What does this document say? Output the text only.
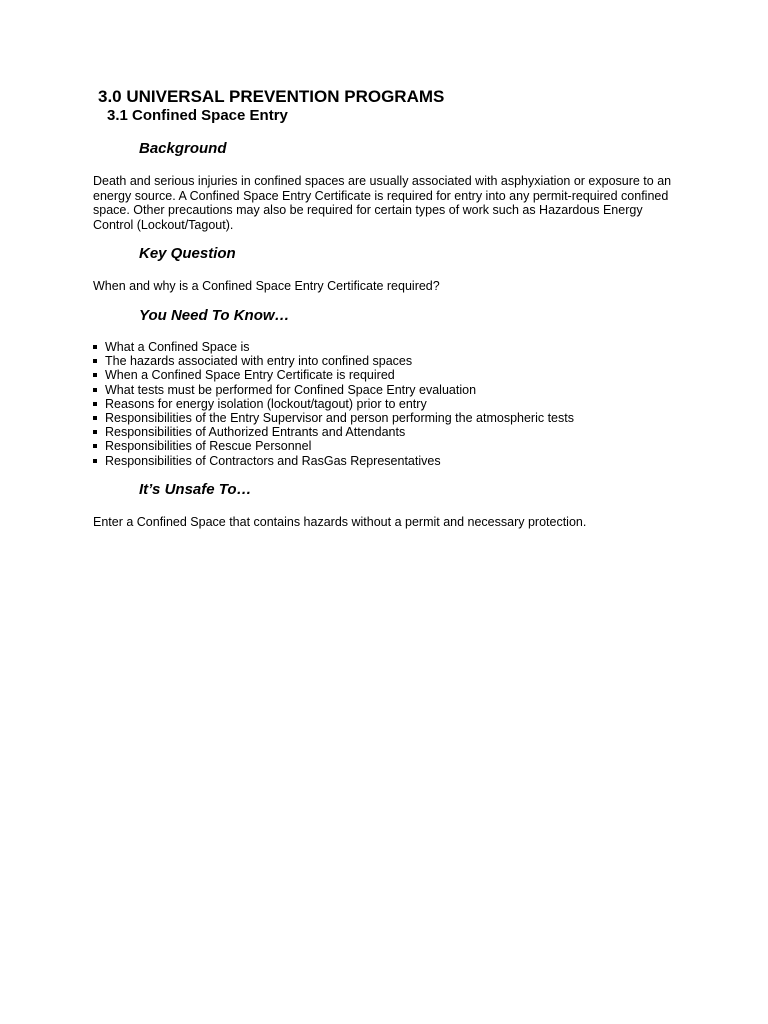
3.0 UNIVERSAL PREVENTION PROGRAMS
3.1 Confined Space Entry
Background

Death and serious injuries in confined spaces are usually associated with asphyxiation or exposure to an energy source. A Confined Space Entry Certificate is required for entry into any permit-required confined space. Other precautions may also be required for certain types of work such as Hazardous Energy Control (Lockout/Tagout).

Key Question

When and why is a Confined Space Entry Certificate required?

You Need To Know…
What a Confined Space is
The hazards associated with entry into confined spaces
When a Confined Space Entry Certificate is required
What tests must be performed for Confined Space Entry evaluation
Reasons for energy isolation (lockout/tagout) prior to entry
Responsibilities of the Entry Supervisor and person performing the atmospheric tests
Responsibilities of Authorized Entrants and Attendants
Responsibilities of Rescue Personnel
Responsibilities of Contractors and RasGas Representatives
It’s Unsafe To…

Enter a Confined Space that contains hazards without a permit and necessary protection.
